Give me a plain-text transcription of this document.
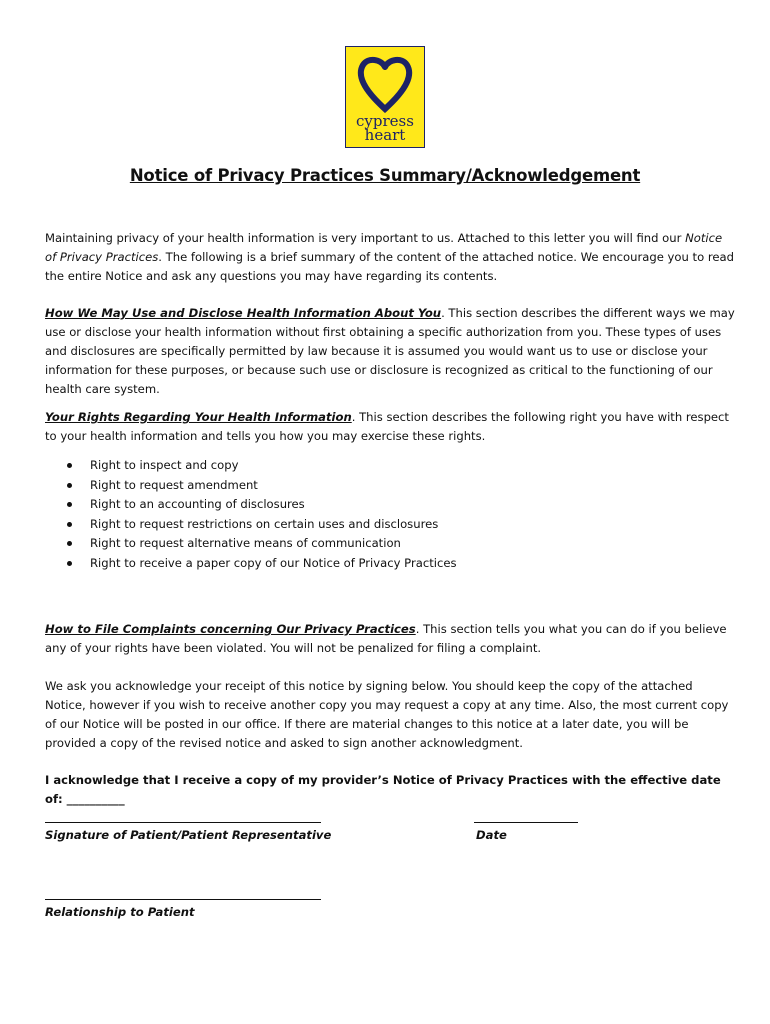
cypress
heart
Notice of Privacy Practices Summary/Acknowledgement

Maintaining privacy of your health information is very important to us. Attached to this letter you will find our Notice of Privacy Practices. The following is a brief summary of the content of the attached notice. We encourage you to read the entire Notice and ask any questions you may have regarding its contents.

How We May Use and Disclose Health Information About You. This section describes the different ways we may use or disclose your health information without first obtaining a specific authorization from you. These types of uses and disclosures are specifically permitted by law because it is assumed you would want us to use or disclose your information for these purposes, or because such use or disclosure is recognized as critical to the functioning of our health care system.

Your Rights Regarding Your Health Information. This section describes the following right you have with respect to your health information and tells you how you may exercise these rights.

Right to inspect and copy
Right to request amendment
Right to an accounting of disclosures
Right to request restrictions on certain uses and disclosures
Right to request alternative means of communication
Right to receive a paper copy of our Notice of Privacy Practices

How to File Complaints concerning Our Privacy Practices. This section tells you what you can do if you believe any of your rights have been violated. You will not be penalized for filing a complaint.

We ask you acknowledge your receipt of this notice by signing below. You should keep the copy of the attached Notice, however if you wish to receive another copy you may request a copy at any time. Also, the most current copy of our Notice will be posted in our office. If there are material changes to this notice at a later date, you will be provided a copy of the revised notice and asked to sign another acknowledgment.

I acknowledge that I receive a copy of my provider’s Notice of Privacy Practices with the effective date of: __________

Signature of Patient/Patient Representative	Date
Relationship to Patient
